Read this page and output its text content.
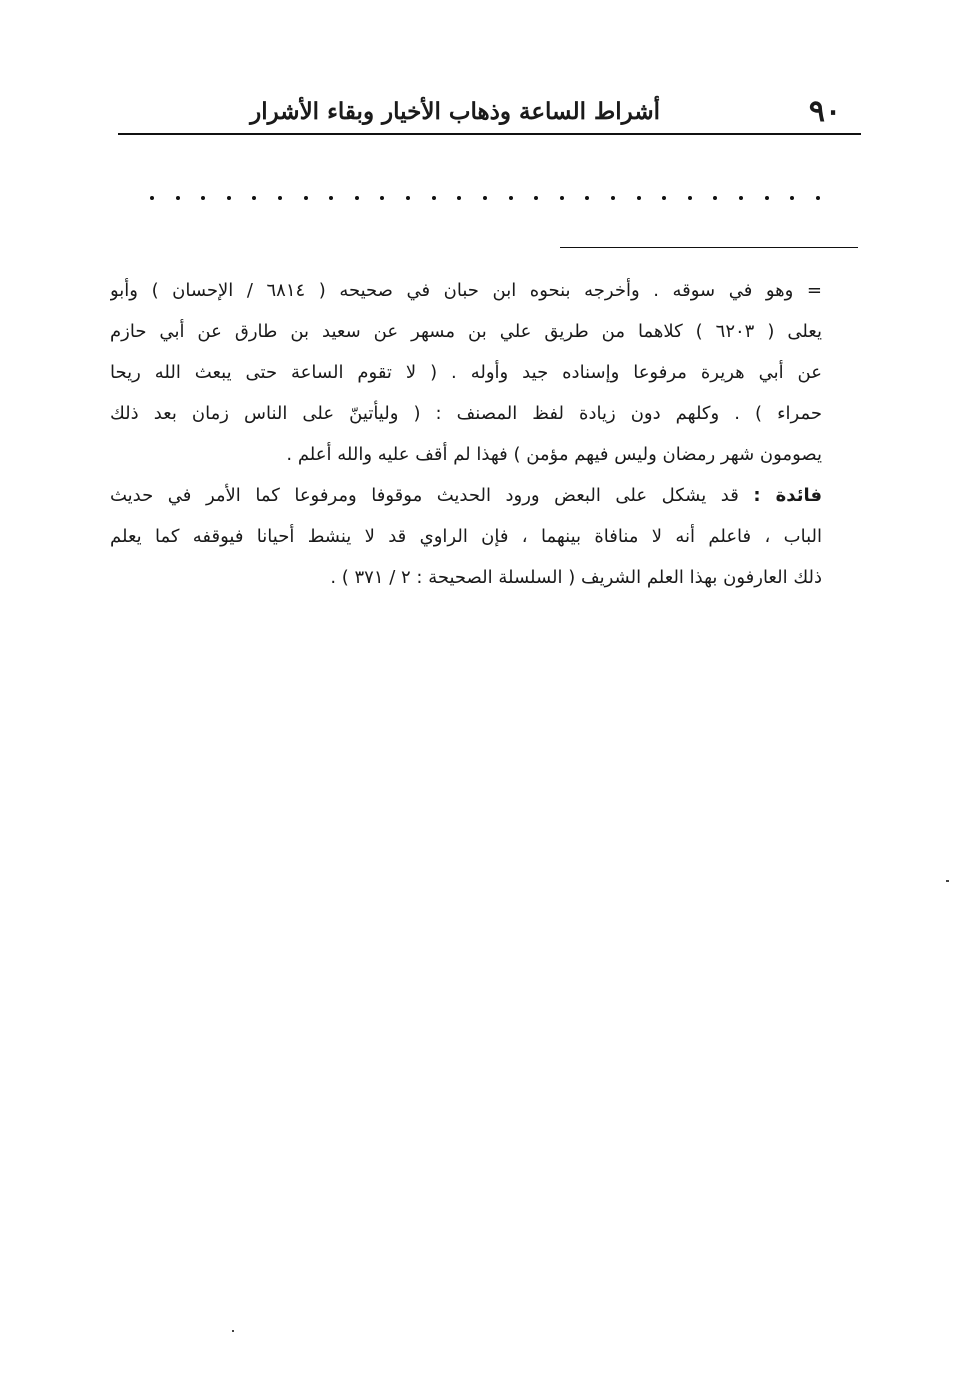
٩٠
أشراط الساعة وذهاب الأخيار وبقاء الأشرار
= وهو في سوقه . وأخرجه بنحوه ابن حبان في صحيحه ( ٦٨١٤ / الإحسان ) وأبو
يعلى ( ٦٢٠٣ ) كلاهما من طريق علي بن مسهر عن سعيد بن طارق عن أبي حازم
عن أبي هريرة مرفوعا وإسناده جيد وأوله . ( لا تقوم الساعة حتى يبعث الله ريحا
حمراء ) . وكلهم دون زيادة لفظ المصنف : ( وليأتينّ على الناس زمان بعد ذلك
يصومون شهر رمضان وليس فيهم مؤمن ) فهذا لم أقف عليه والله أعلم .
فائدة : قد يشكل على البعض ورود الحديث موقوفا ومرفوعا كما الأمر في حديث
الباب ، فاعلم أنه لا منافاة بينهما ، فإن الراوي قد لا ينشط أحيانا فيوقفه كما يعلم
ذلك العارفون بهذا العلم الشريف ( السلسلة الصحيحة : ٢ / ٣٧١ ) .
